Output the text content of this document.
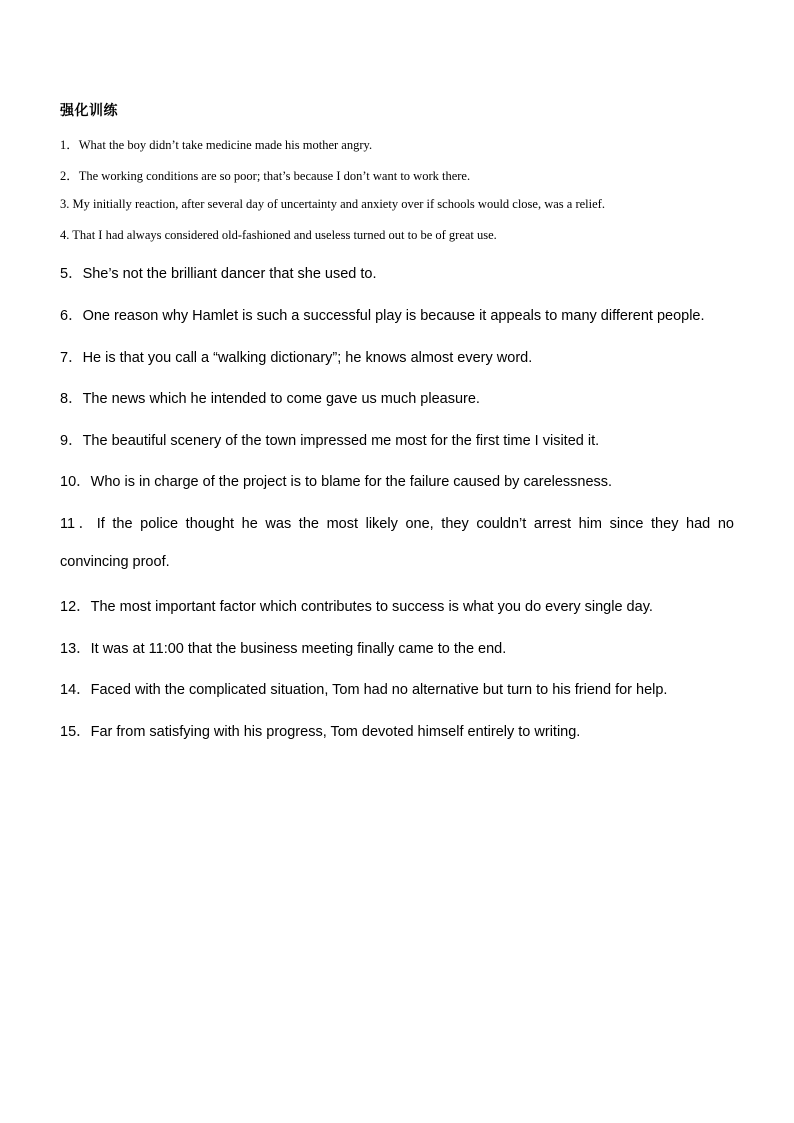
强化训练
1．What the boy didn’t take medicine made his mother angry.
2．The working conditions are so poor; that’s because I don’t want to work there.
3. My initially reaction, after several day of uncertainty and anxiety over if schools would close, was a relief.
4. That I had always considered old-fashioned and useless turned out to be of great use.
5．She’s not the brilliant dancer that she used to.
6．One reason why Hamlet is such a successful play is because it appeals to many different people.
7．He is that you call a “walking dictionary”; he knows almost every word.
8．The news which he intended to come gave us much pleasure.
9．The beautiful scenery of the town impressed me most for the first time I visited it.
10．Who is in charge of the project is to blame for the failure caused by carelessness.
11．If the police thought he was the most likely one, they couldn’t arrest him since they had no
convincing proof.
12．The most important factor which contributes to success is what you do every single day.
13．It was at 11:00 that the business meeting finally came to the end.
14．Faced with the complicated situation, Tom had no alternative but turn to his friend for help.
15．Far from satisfying with his progress, Tom devoted himself entirely to writing.
